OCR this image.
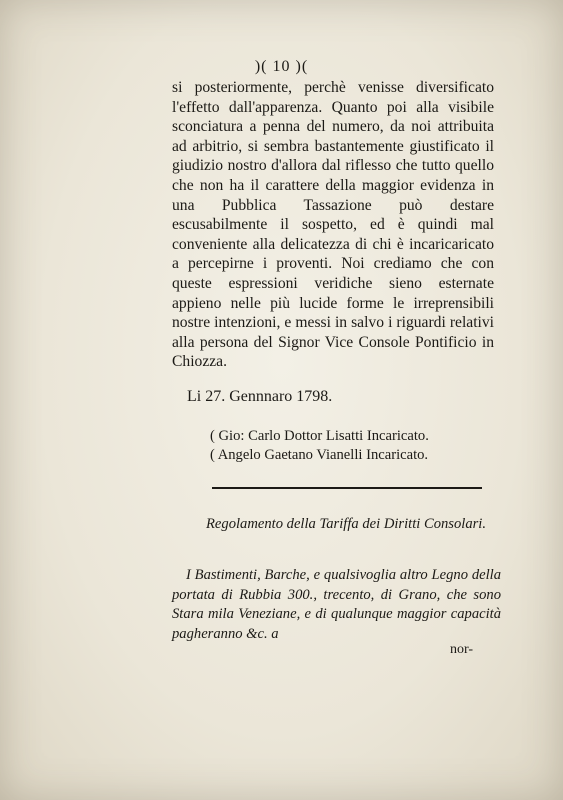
)( 10 )(

si posteriormente, perchè venisse diversificato l'effetto dall'apparenza. Quanto poi alla visibile sconciatura a penna del numero, da noi attribuita ad arbitrio, si sembra bastantemente giustificato il giudizio nostro d'allora dal riflesso che tutto quello che non ha il carattere della maggior evidenza in una Pubblica Tassazione può destare escusabilmente il sospetto, ed è quindi mal conveniente alla delicatezza di chi è incaricaricato a percepirne i proventi. Noi crediamo che con queste espressioni veridiche sieno esternate appieno nelle più lucide forme le irreprensibili nostre intenzioni, e messi in salvo i riguardi relativi alla persona del Signor Vice Console Pontificio in Chiozza.

Li 27. Gennnaro 1798.
( Gio: Carlo Dottor Lisatti Incaricato.
( Angelo Gaetano Vianelli Incaricato.
Regolamento della Tariffa dei Diritti Consolari.

I Bastimenti, Barche, e qualsivoglia altro Legno della portata di Rubbia 300., trecento, di Grano, che sono Stara mila Veneziane, e di qualunque maggior capacità pagheranno &c. a

nor-
